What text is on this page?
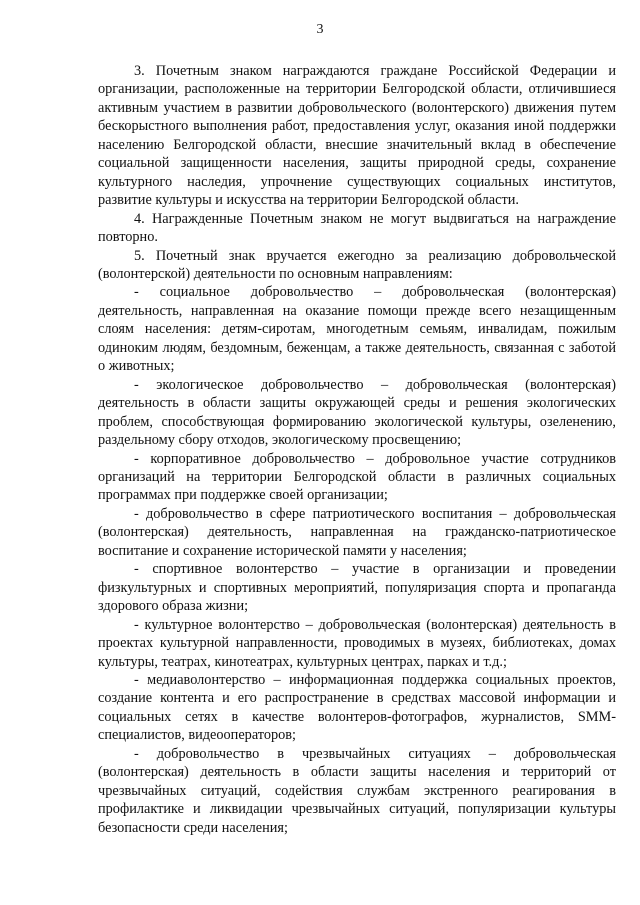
3

3. Почетным знаком награждаются граждане Российской Федерации и организации, расположенные на территории Белгородской области, отличившиеся активным участием в развитии добровольческого (волонтерского) движения путем бескорыстного выполнения работ, предоставления услуг, оказания иной поддержки населению Белгородской области, внесшие значительный вклад в обеспечение социальной защищенности населения, защиты природной среды, сохранение культурного наследия, упрочнение существующих социальных институтов, развитие культуры и искусства на территории Белгородской области.

4. Награжденные Почетным знаком не могут выдвигаться на награждение повторно.

5. Почетный знак вручается ежегодно за реализацию добровольческой (волонтерской) деятельности по основным направлениям:

- социальное добровольчество – добровольческая (волонтерская) деятельность, направленная на оказание помощи прежде всего незащищенным слоям населения: детям-сиротам, многодетным семьям, инвалидам, пожилым одиноким людям, бездомным, беженцам, а также деятельность, связанная с заботой о животных;

- экологическое добровольчество – добровольческая (волонтерская) деятельность в области защиты окружающей среды и решения экологических проблем, способствующая формированию экологической культуры, озеленению, раздельному сбору отходов, экологическому просвещению;

- корпоративное добровольчество – добровольное участие сотрудников организаций на территории Белгородской области в различных социальных программах при поддержке своей организации;

- добровольчество в сфере патриотического воспитания – добровольческая (волонтерская) деятельность, направленная на гражданско-патриотическое воспитание и сохранение исторической памяти у населения;

- спортивное волонтерство – участие в организации и проведении физкультурных и спортивных мероприятий, популяризация спорта и пропаганда здорового образа жизни;

- культурное волонтерство – добровольческая (волонтерская) деятельность в проектах культурной направленности, проводимых в музеях, библиотеках, домах культуры, театрах, кинотеатрах, культурных центрах, парках и т.д.;

- медиаволонтерство – информационная поддержка социальных проектов, создание контента и его распространение в средствах массовой информации и социальных сетях в качестве волонтеров-фотографов, журналистов, SMM-специалистов, видеооператоров;

- добровольчество в чрезвычайных ситуациях – добровольческая (волонтерская) деятельность в области защиты населения и территорий от чрезвычайных ситуаций, содействия службам экстренного реагирования в профилактике и ликвидации чрезвычайных ситуаций, популяризации культуры безопасности среди населения;
